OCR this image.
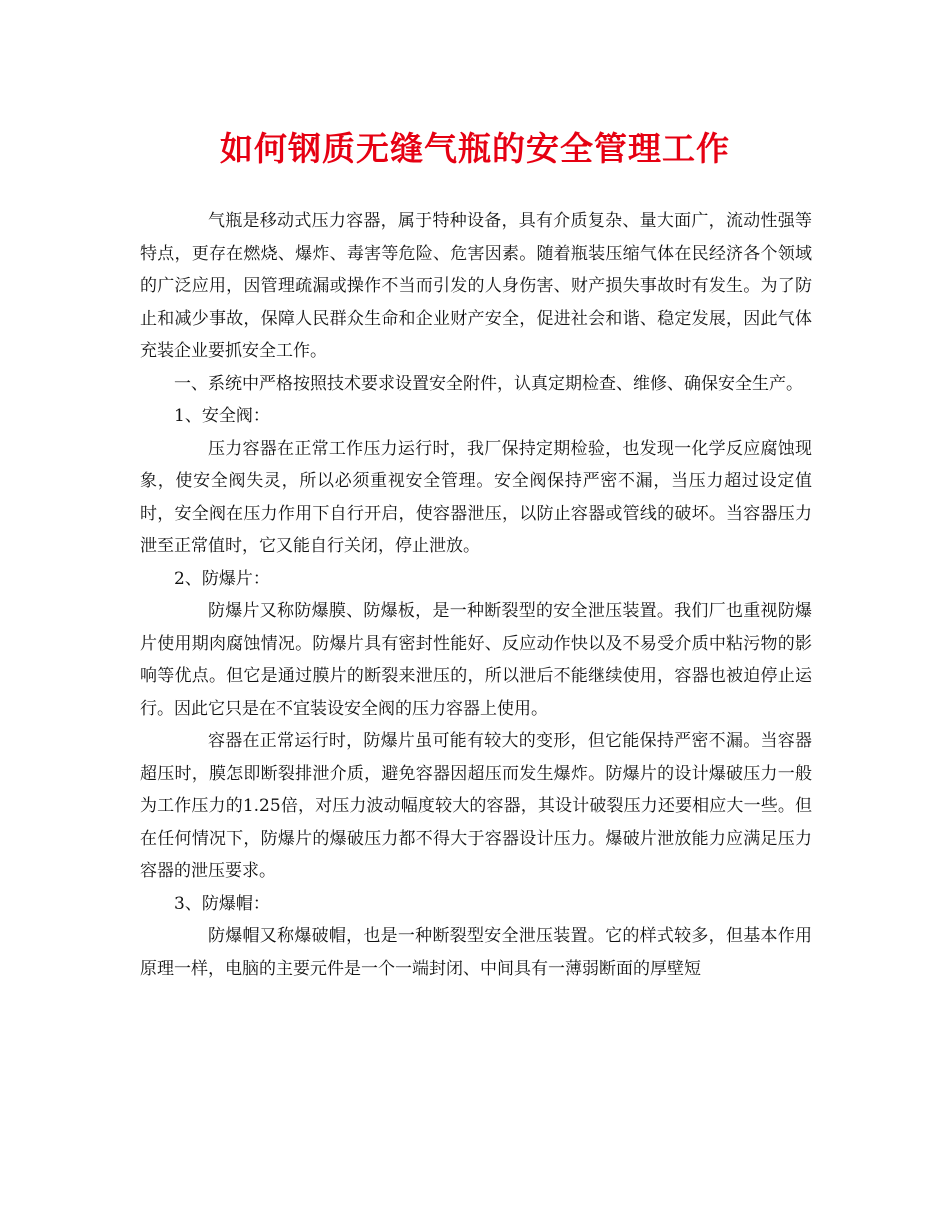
如何钢质无缝气瓶的安全管理工作

气瓶是移动式压力容器，属于特种设备，具有介质复杂、量大面广，流动性强等特点，更存在燃烧、爆炸、毒害等危险、危害因素。随着瓶装压缩气体在民经济各个领域的广泛应用，因管理疏漏或操作不当而引发的人身伤害、财产损失事故时有发生。为了防止和减少事故，保障人民群众生命和企业财产安全，促进社会和谐、稳定发展，因此气体充装企业要抓安全工作。

一、系统中严格按照技术要求设置安全附件，认真定期检查、维修、确保安全生产。

1、安全阀：

压力容器在正常工作压力运行时，我厂保持定期检验，也发现一化学反应腐蚀现象，使安全阀失灵，所以必须重视安全管理。安全阀保持严密不漏，当压力超过设定值时，安全阀在压力作用下自行开启，使容器泄压，以防止容器或管线的破坏。当容器压力泄至正常值时，它又能自行关闭，停止泄放。

2、防爆片：

防爆片又称防爆膜、防爆板，是一种断裂型的安全泄压装置。我们厂也重视防爆片使用期肉腐蚀情况。防爆片具有密封性能好、反应动作快以及不易受介质中粘污物的影响等优点。但它是通过膜片的断裂来泄压的，所以泄后不能继续使用，容器也被迫停止运行。因此它只是在不宜装设安全阀的压力容器上使用。

容器在正常运行时，防爆片虽可能有较大的变形，但它能保持严密不漏。当容器超压时，膜怎即断裂排泄介质，避免容器因超压而发生爆炸。防爆片的设计爆破压力一般为工作压力的1.25倍，对压力波动幅度较大的容器，其设计破裂压力还要相应大一些。但在任何情况下，防爆片的爆破压力都不得大于容器设计压力。爆破片泄放能力应满足压力容器的泄压要求。

3、防爆帽：

防爆帽又称爆破帽，也是一种断裂型安全泄压装置。它的样式较多，但基本作用原理一样，电脑的主要元件是一个一端封闭、中间具有一薄弱断面的厚壁短
